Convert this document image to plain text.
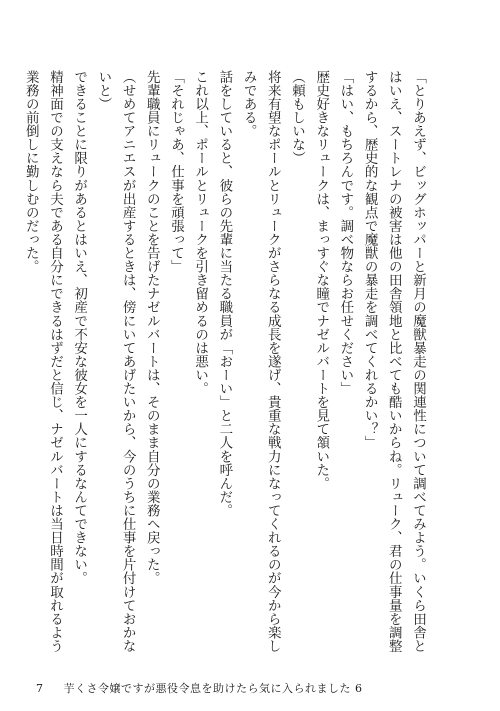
「とりあえず、ビッグホッパーと新月の魔獣暴走の関連性について調べてみよう。いくら田舎とはいえ、スートレナの被害は他の田舎領地と比べても酷いからね。リューク、君の仕事量を調整するから、歴史的な観点で魔獣の暴走を調べてくれるかい？」

「はい、もちろんです。調べ物ならお任せください」

歴史好きなリュークは、まっすぐな瞳でナゼルバートを見て頷いた。

（頼もしいな）

将来有望なポールとリュークがさらなる成長を遂げ、貴重な戦力になってくれるのが今から楽しみである。

話をしていると、彼らの先輩に当たる職員が「おーい」と二人を呼んだ。

これ以上、ポールとリュークを引き留めるのは悪い。

「それじゃあ、仕事を頑張って」

先輩職員にリュークのことを告げたナゼルバートは、そのまま自分の業務へ戻った。

（せめてアニエスが出産するときは、傍にいてあげたいから、今のうちに仕事を片付けておかないと）

できることに限りがあるとはいえ、初産で不安な彼女を一人にするなんてできない。

精神面での支えなら夫である自分にできるはずだと信じ、ナゼルバートは当日時間が取れるよう業務の前倒しに勤しむのだった。

7 芋くさ令嬢ですが悪役令息を助けたら気に入られました 6
